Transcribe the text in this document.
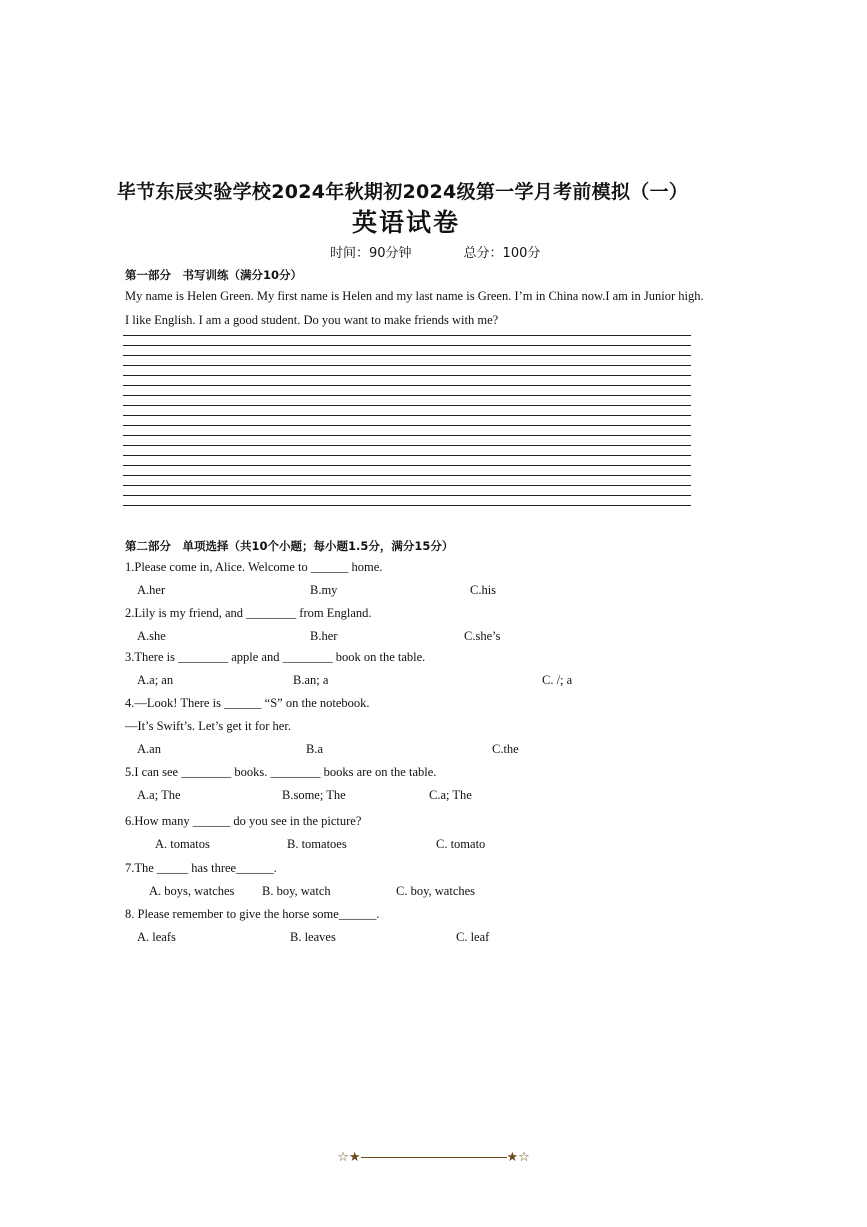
毕节东辰实验学校2024年秋期初2024级第一学月考前模拟（一）
英语试卷
时间：90分钟	总分：100分
第一部分　书写训练（满分10分）
My name is Helen Green. My first name is Helen and my last name is Green. I’m in China now.I am in Junior high.
I like English. I am a good student. Do you want to make friends with me?
第二部分　单项选择（共10个小题；每小题1.5分，满分15分）
1.Please come in, Alice. Welcome to ______ home.
A.her	B.my	C.his
2.Lily is my friend, and ________ from England.
A.she	B.her	C.she’s
3.There is ________ apple and ________ book on the table.
A.a; an	B.an; a	C. /; a
4.—Look! There is ______ “S” on the notebook.
—It’s Swift’s. Let’s get it for her.
A.an	B.a	C.the
5.I can see ________ books. ________ books are on the table.
A.a; The	B.some; The	C.a; The
6.How many ______ do you see in the picture?
A. tomatos	B. tomatoes	C. tomato
7.The _____ has three______.
A. boys, watches B. boy, watch	C. boy, watches
8. Please remember to give the horse some______.
A. leafs	B. leaves	C. leaf
☆★	★☆
